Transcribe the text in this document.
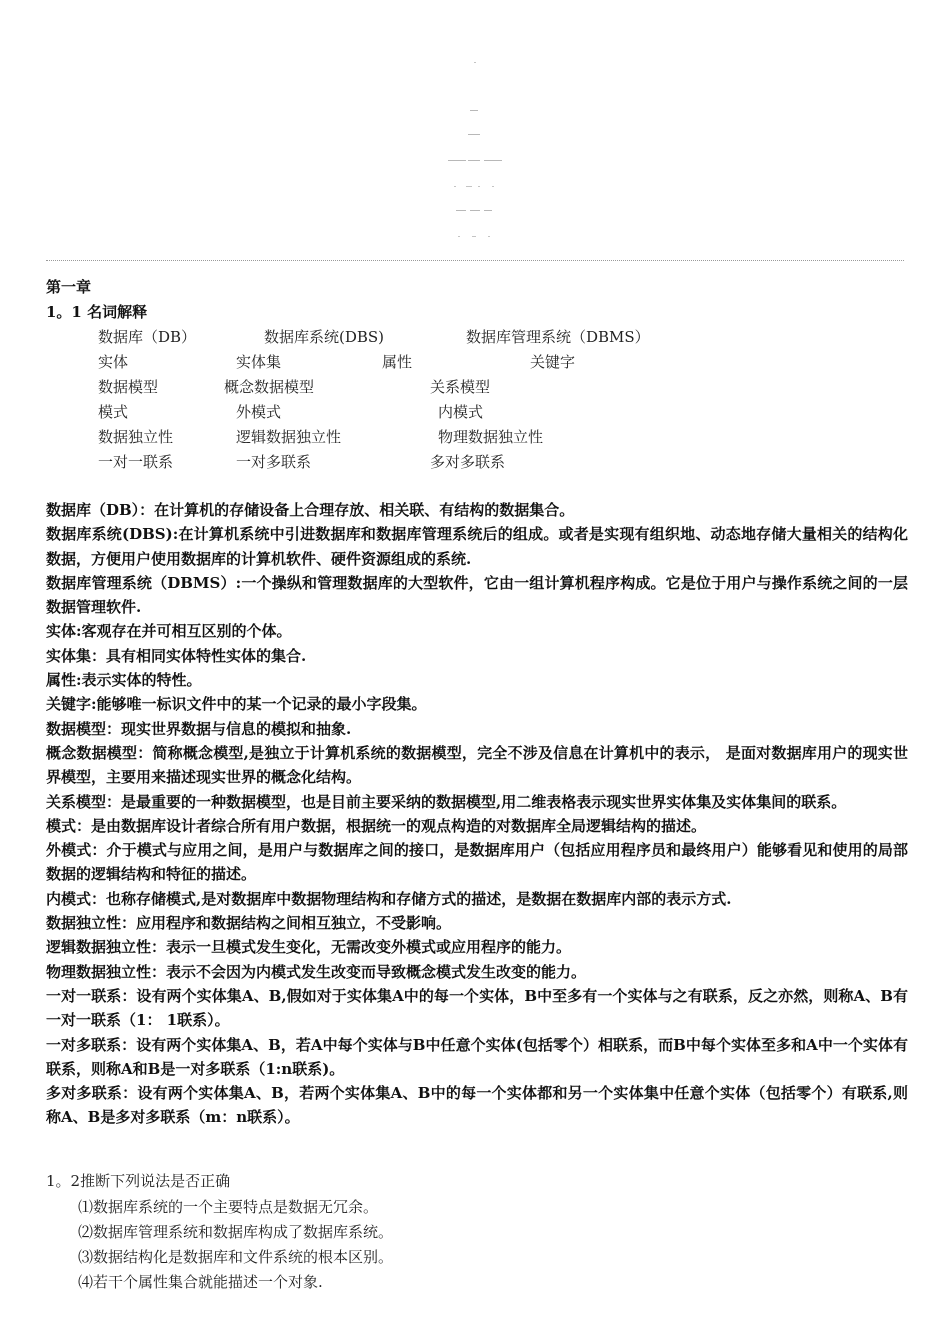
第一章
1。1 名词解释
数据库（DB）	数据库系统(DBS)	数据库管理系统（DBMS）
实体	实体集	属性	关键字
数据模型	概念数据模型	关系模型
模式	外模式	内模式
数据独立性	逻辑数据独立性	物理数据独立性
一对一联系	一对多联系	多对多联系

数据库（DB）：在计算机的存储设备上合理存放、相关联、有结构的数据集合。

数据库系统(DBS):在计算机系统中引进数据库和数据库管理系统后的组成。或者是实现有组织地、动态地存储大量相关的结构化数据，方便用户使用数据库的计算机软件、硬件资源组成的系统.

数据库管理系统（DBMS）:一个操纵和管理数据库的大型软件，它由一组计算机程序构成。它是位于用户与操作系统之间的一层数据管理软件.

实体:客观存在并可相互区别的个体。

实体集：具有相同实体特性实体的集合.

属性:表示实体的特性。

关键字:能够唯一标识文件中的某一个记录的最小字段集。

数据模型：现实世界数据与信息的模拟和抽象.

概念数据模型：简称概念模型,是独立于计算机系统的数据模型，完全不涉及信息在计算机中的表示， 是面对数据库用户的现实世界模型，主要用来描述现实世界的概念化结构。

关系模型：是最重要的一种数据模型，也是目前主要采纳的数据模型,用二维表格表示现实世界实体集及实体集间的联系。

模式：是由数据库设计者综合所有用户数据，根据统一的观点构造的对数据库全局逻辑结构的描述。

外模式：介于模式与应用之间，是用户与数据库之间的接口，是数据库用户（包括应用程序员和最终用户）能够看见和使用的局部数据的逻辑结构和特征的描述。

内模式：也称存储模式,是对数据库中数据物理结构和存储方式的描述，是数据在数据库内部的表示方式.

数据独立性：应用程序和数据结构之间相互独立，不受影响。

逻辑数据独立性：表示一旦模式发生变化，无需改变外模式或应用程序的能力。

物理数据独立性：表示不会因为内模式发生改变而导致概念模式发生改变的能力。

一对一联系：设有两个实体集A、B,假如对于实体集A中的每一个实体，B中至多有一个实体与之有联系，反之亦然，则称A、B有一对一联系（1： 1联系）。

一对多联系：设有两个实体集A、B，若A中每个实体与B中任意个实体(包括零个）相联系，而B中每个实体至多和A中一个实体有联系，则称A和B是一对多联系（1:n联系)。

多对多联系：设有两个实体集A、B，若两个实体集A、B中的每一个实体都和另一个实体集中任意个实体（包括零个）有联系,则称A、B是多对多联系（m：n联系）。

1。2推断下列说法是否正确
⑴数据库系统的一个主要特点是数据无冗余。
⑵数据库管理系统和数据库构成了数据库系统。
⑶数据结构化是数据库和文件系统的根本区别。
⑷若干个属性集合就能描述一个对象.
